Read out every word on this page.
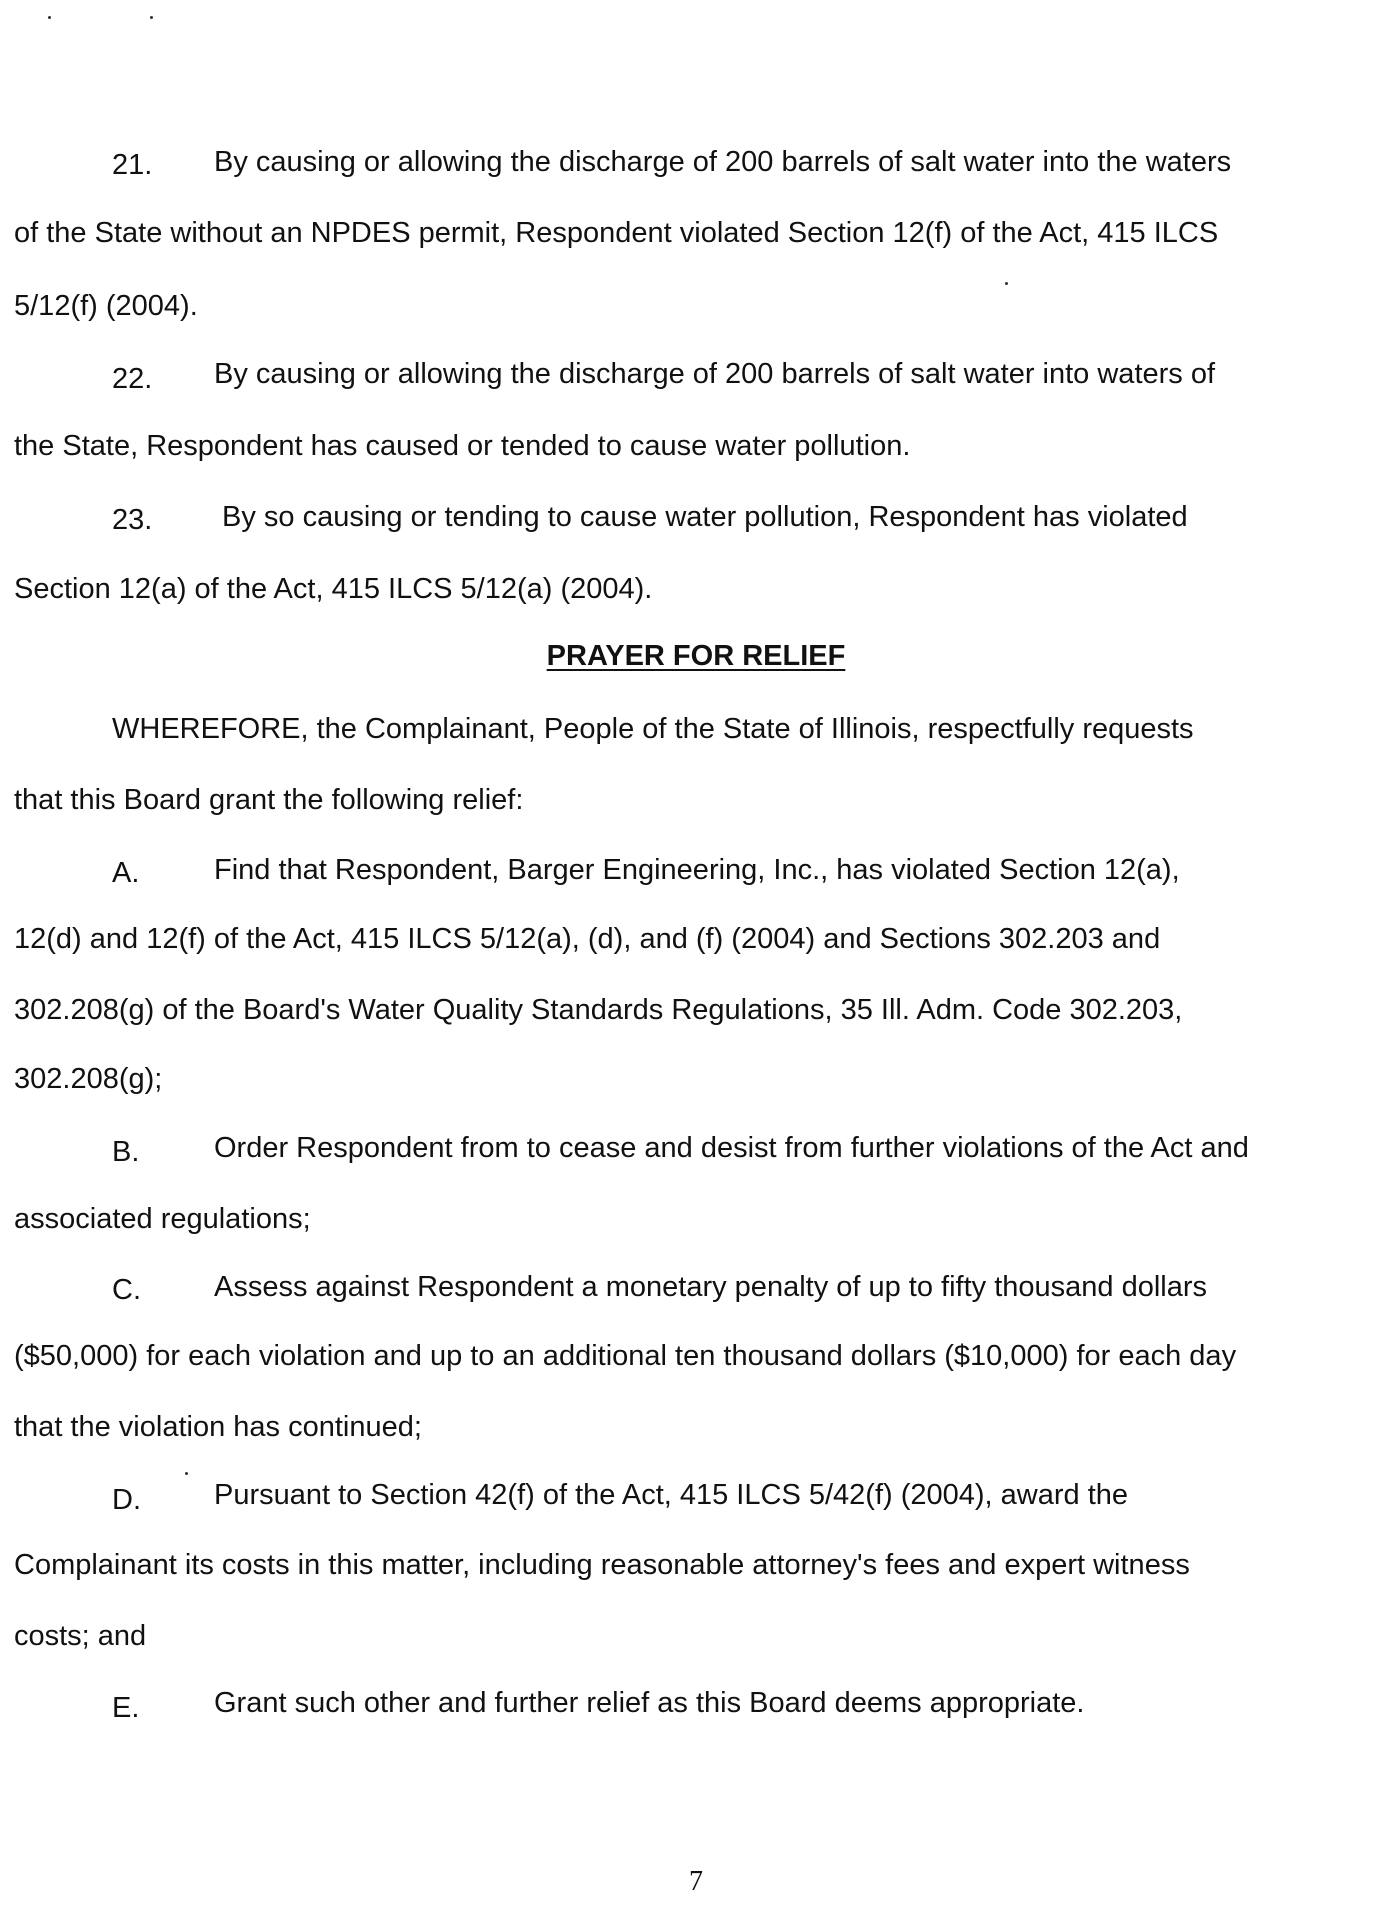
21. By causing or allowing the discharge of 200 barrels of salt water into the waters
of the State without an NPDES permit, Respondent violated Section 12(f) of the Act, 415 ILCS
5/12(f) (2004).
22. By causing or allowing the discharge of 200 barrels of salt water into waters of
the State, Respondent has caused or tended to cause water pollution.
23. By so causing or tending to cause water pollution, Respondent has violated
Section 12(a) of the Act, 415 ILCS 5/12(a) (2004).
PRAYER FOR RELIEF
WHEREFORE, the Complainant, People of the State of Illinois, respectfully requests
that this Board grant the following relief:
A.	Find that Respondent, Barger Engineering, Inc., has violated Section 12(a),
12(d) and 12(f) of the Act, 415 ILCS 5/12(a), (d), and (f) (2004) and Sections 302.203 and
302.208(g) of the Board's Water Quality Standards Regulations, 35 Ill. Adm. Code 302.203,
302.208(g);
B.	Order Respondent from to cease and desist from further violations of the Act and
associated regulations;
C.	Assess against Respondent a monetary penalty of up to fifty thousand dollars
($50,000) for each violation and up to an additional ten thousand dollars ($10,000) for each day
that the violation has continued;
D.	Pursuant to Section 42(f) of the Act, 415 ILCS 5/42(f) (2004), award the
Complainant its costs in this matter, including reasonable attorney's fees and expert witness
costs; and
E.	Grant such other and further relief as this Board deems appropriate.
7
